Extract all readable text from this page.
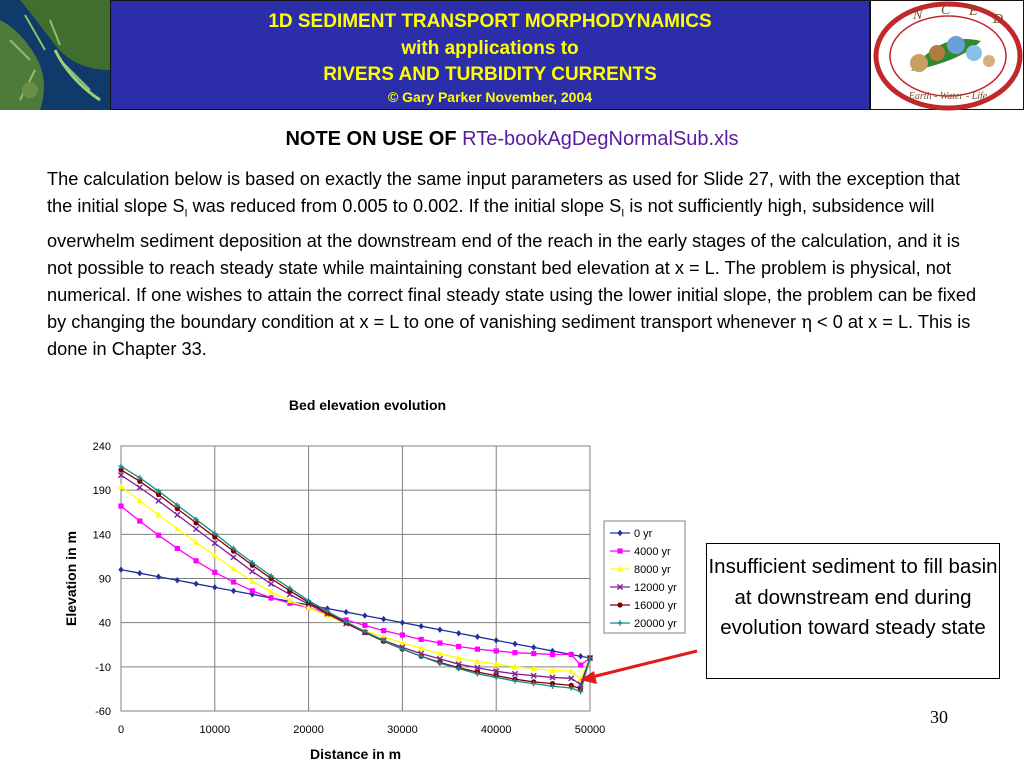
1D SEDIMENT TRANSPORT MORPHODYNAMICS
with applications to
RIVERS AND TURBIDITY CURRENTS
© Gary Parker November, 2004
N C E
D
Earth - Water - Life
NOTE ON USE OF RTe-bookAgDegNormalSub.xls
The calculation below is based on exactly the same input parameters as used for Slide 27, with the exception that the initial slope $S_I$ was reduced from 0.005 to 0.002. If the initial slope $S_I$ is not sufficiently high, subsidence will overwhelm sediment deposition at the downstream end of the reach in the early stages of the calculation, and it is not possible to reach steady state while maintaining constant bed elevation at x = L. The problem is physical, not numerical. If one wishes to attain the correct final steady state using the lower initial slope, the problem can be fixed by changing the boundary condition at x = L to one of vanishing sediment transport whenever η < 0 at x = L. This is done in Chapter 33.
Bed elevation evolution
240
190
140
90
40
-10
-60
0	10000	20000	30000	40000	50000
Distance in m
Elevation in m	0 yr
4000 yr
8000 yr
12000 yr
16000 yr
20000 yr
Insufficient sediment to fill basin at downstream end during evolution toward steady state
30
